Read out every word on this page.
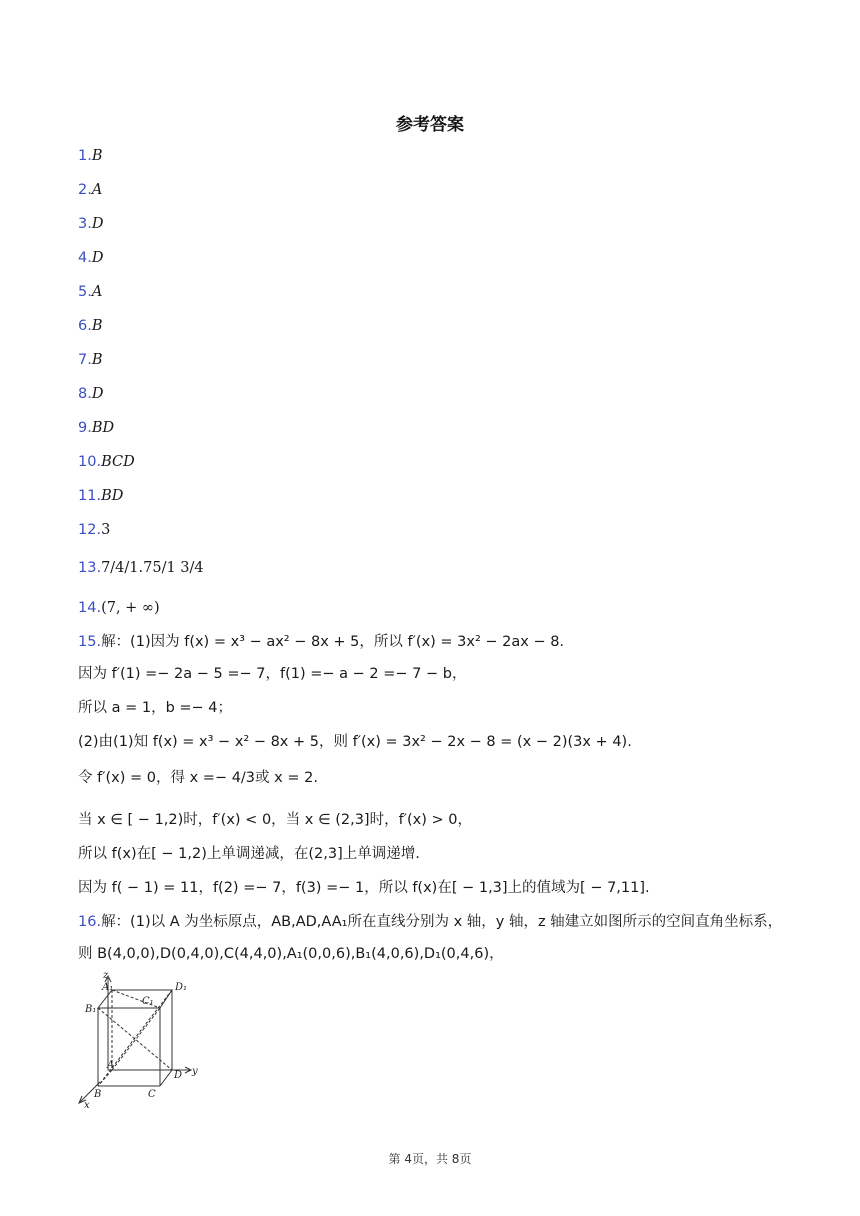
参考答案
1.B
2.A
3.D
4.D
5.A
6.B
7.B
8.D
9.BD
10.BCD
11.BD
12.3
13.7/4/1.75/1 3/4
14.(7, + ∞)
15.解：(1)因为 f(x) = x³ − ax² − 8x + 5，所以 f′(x) = 3x² − 2ax − 8.
因为 f′(1) =− 2a − 5 =− 7，f(1) =− a − 2 =− 7 − b，
所以 a = 1，b =− 4；
(2)由(1)知 f(x) = x³ − x² − 8x + 5，则 f′(x) = 3x² − 2x − 8 = (x − 2)(3x + 4).
令 f′(x) = 0，得 x =− 4/3或 x = 2.
当 x ∈ [ − 1,2)时，f′(x) < 0，当 x ∈ (2,3]时，f′(x) > 0，
所以 f(x)在[ − 1,2)上单调递减，在(2,3]上单调递增.
因为 f( − 1) = 11，f(2) =− 7，f(3) =− 1，所以 f(x)在[ − 1,3]上的值域为[ − 7,11].
16.解：(1)以 A 为坐标原点，AB,AD,AA₁所在直线分别为 x 轴，y 轴，z 轴建立如图所示的空间直角坐标系，
则 B(4,0,0),D(0,4,0),C(4,4,0),A₁(0,0,6),B₁(4,0,6),D₁(0,4,6)，
z
y
x
A₁	D₁
C₁
B₁
A
D
B	C
第 4页，共 8页
